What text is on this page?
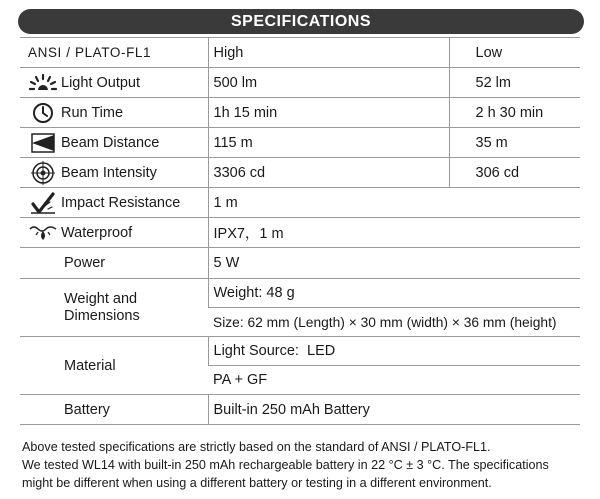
SPECIFICATIONS
ANSI / PLATO-FL1	High	Low

Light Output	500 lm	52 lm

Run Time	1h 15 min	2 h 30 min

Beam Distance	115 m	35 m

Beam Intensity	3306 cd	306 cd

Impact Resistance	1 m	

Waterproof	IPX7，1 m	
Power	5 W	
Weight and Dimensions	Weight: 48 g	
	Size: 62 mm (Length) × 30 mm (width) × 36 mm (height)	
Material	Light Source:  LED	
	PA + GF	
Battery	Built-in 250 mAh Battery	
Above tested specifications are strictly based on the standard of ANSI / PLATO-FL1.
We tested WL14 with built-in 250 mAh rechargeable battery in 22 °C ± 3 °C. The specifications
might be different when using a different battery or testing in a different environment.
